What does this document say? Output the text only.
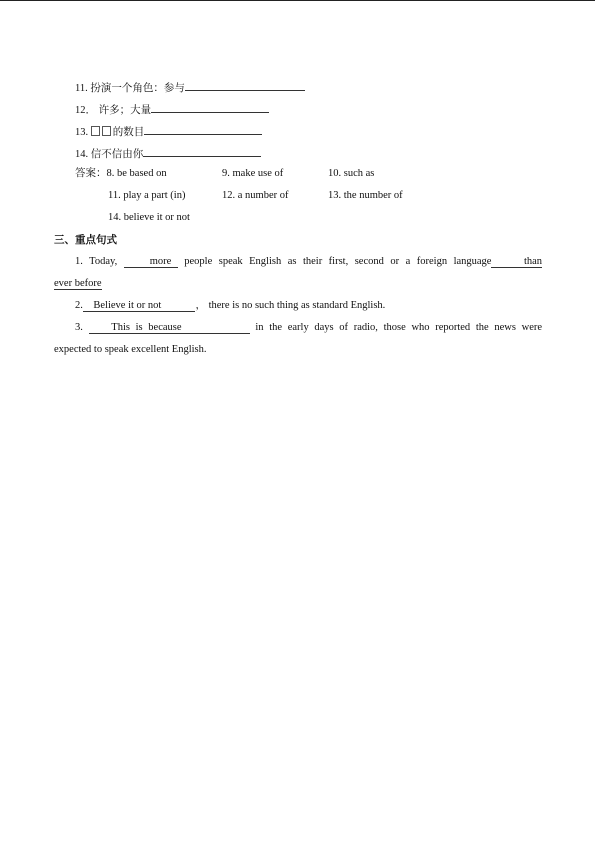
11. 扮演一个角色：参与
12． 许多；大量
13. 的数目
14. 信不信由你
答案：8. be based on	9. make use of	10. such as
11. play a part (in)	12. a number of	13. the number of
14. believe it or not
三、重点句式
1. Today,     more  people speak English as their first, second or a foreign language	than
ever before
2. Believe it or not	， there is no such thing as standard English.
3.     This is because	in the early days of radio, those who reported the news were
expected to speak excellent English.
